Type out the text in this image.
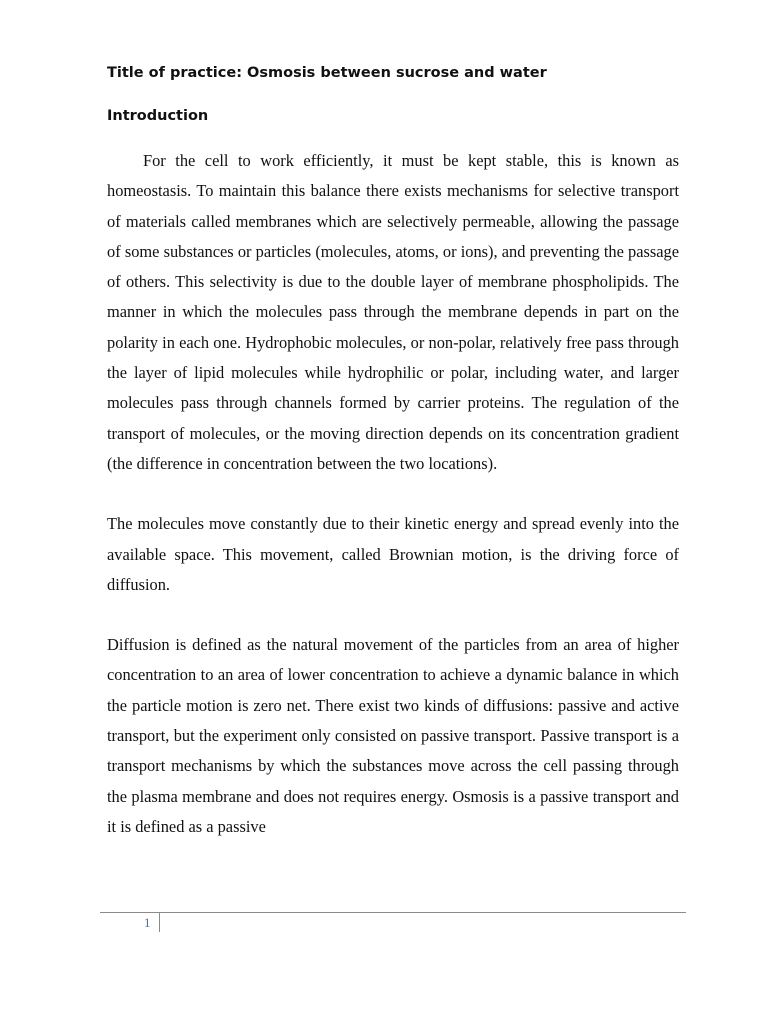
Title of practice: Osmosis between sucrose and water
Introduction

For the cell to work efficiently, it must be kept stable, this is known as homeostasis. To maintain this balance there exists mechanisms for selective transport of materials called membranes which are selectively permeable, allowing the passage of some substances or particles (molecules, atoms, or ions), and preventing the passage of others. This selectivity is due to the double layer of membrane phospholipids. The manner in which the molecules pass through the membrane depends in part on the polarity in each one. Hydrophobic molecules, or non-polar, relatively free pass through the layer of lipid molecules while hydrophilic or polar, including water, and larger molecules pass through channels formed by carrier proteins. The regulation of the transport of molecules, or the moving direction depends on its concentration gradient (the difference in concentration between the two locations).

The molecules move constantly due to their kinetic energy and spread evenly into the available space. This movement, called Brownian motion, is the driving force of diffusion.

Diffusion is defined as the natural movement of the particles from an area of higher concentration to an area of lower concentration to achieve a dynamic balance in which the particle motion is zero net. There exist two kinds of diffusions: passive and active transport, but the experiment only consisted on passive transport. Passive transport is a transport mechanisms by which the substances move across the cell passing through the plasma membrane and does not requires energy. Osmosis is a passive transport and it is defined as a passive

1
